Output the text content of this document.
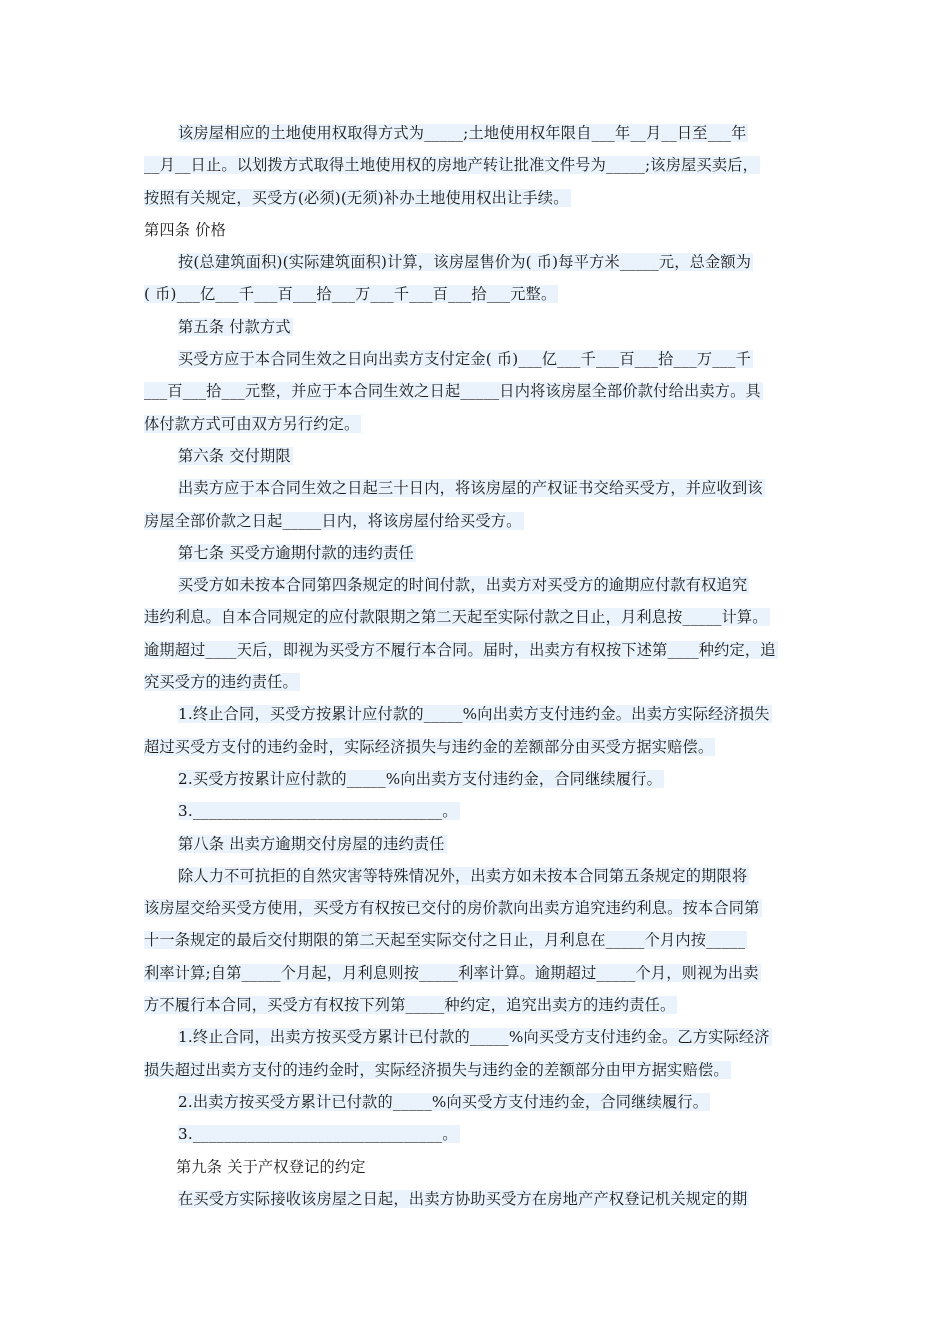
该房屋相应的土地使用权取得方式为_____;土地使用权年限自___年__月__日至___年
__月__日止。以划拨方式取得土地使用权的房地产转让批准文件号为_____;该房屋买卖后，
按照有关规定，买受方(必须)(无须)补办土地使用权出让手续。
第四条 价格
按(总建筑面积)(实际建筑面积)计算，该房屋售价为( 币)每平方米_____元，总金额为
( 币)___亿___千___百___拾___万___千___百___拾___元整。
第五条 付款方式
买受方应于本合同生效之日向出卖方支付定金( 币)___亿___千___百___拾___万___千
___百___拾___元整，并应于本合同生效之日起_____日内将该房屋全部价款付给出卖方。具
体付款方式可由双方另行约定。
第六条 交付期限
出卖方应于本合同生效之日起三十日内，将该房屋的产权证书交给买受方，并应收到该
房屋全部价款之日起_____日内，将该房屋付给买受方。
第七条 买受方逾期付款的违约责任
买受方如未按本合同第四条规定的时间付款，出卖方对买受方的逾期应付款有权追究
违约利息。自本合同规定的应付款限期之第二天起至实际付款之日止，月利息按_____计算。
逾期超过____天后，即视为买受方不履行本合同。届时，出卖方有权按下述第____种约定，追
究买受方的违约责任。
1.终止合同，买受方按累计应付款的_____%向出卖方支付违约金。出卖方实际经济损失
超过买受方支付的违约金时，实际经济损失与违约金的差额部分由买受方据实赔偿。
2.买受方按累计应付款的_____%向出卖方支付违约金，合同继续履行。
3.________________________________。
第八条 出卖方逾期交付房屋的违约责任
除人力不可抗拒的自然灾害等特殊情况外，出卖方如未按本合同第五条规定的期限将
该房屋交给买受方使用，买受方有权按已交付的房价款向出卖方追究违约利息。按本合同第
十一条规定的最后交付期限的第二天起至实际交付之日止，月利息在_____个月内按_____
利率计算;自第_____个月起，月利息则按_____利率计算。逾期超过_____个月，则视为出卖
方不履行本合同，买受方有权按下列第_____种约定，追究出卖方的违约责任。
1.终止合同，出卖方按买受方累计已付款的_____%向买受方支付违约金。乙方实际经济
损失超过出卖方支付的违约金时，实际经济损失与违约金的差额部分由甲方据实赔偿。
2.出卖方按买受方累计已付款的_____%向买受方支付违约金，合同继续履行。
3.________________________________。
第九条 关于产权登记的约定
在买受方实际接收该房屋之日起，出卖方协助买受方在房地产产权登记机关规定的期
